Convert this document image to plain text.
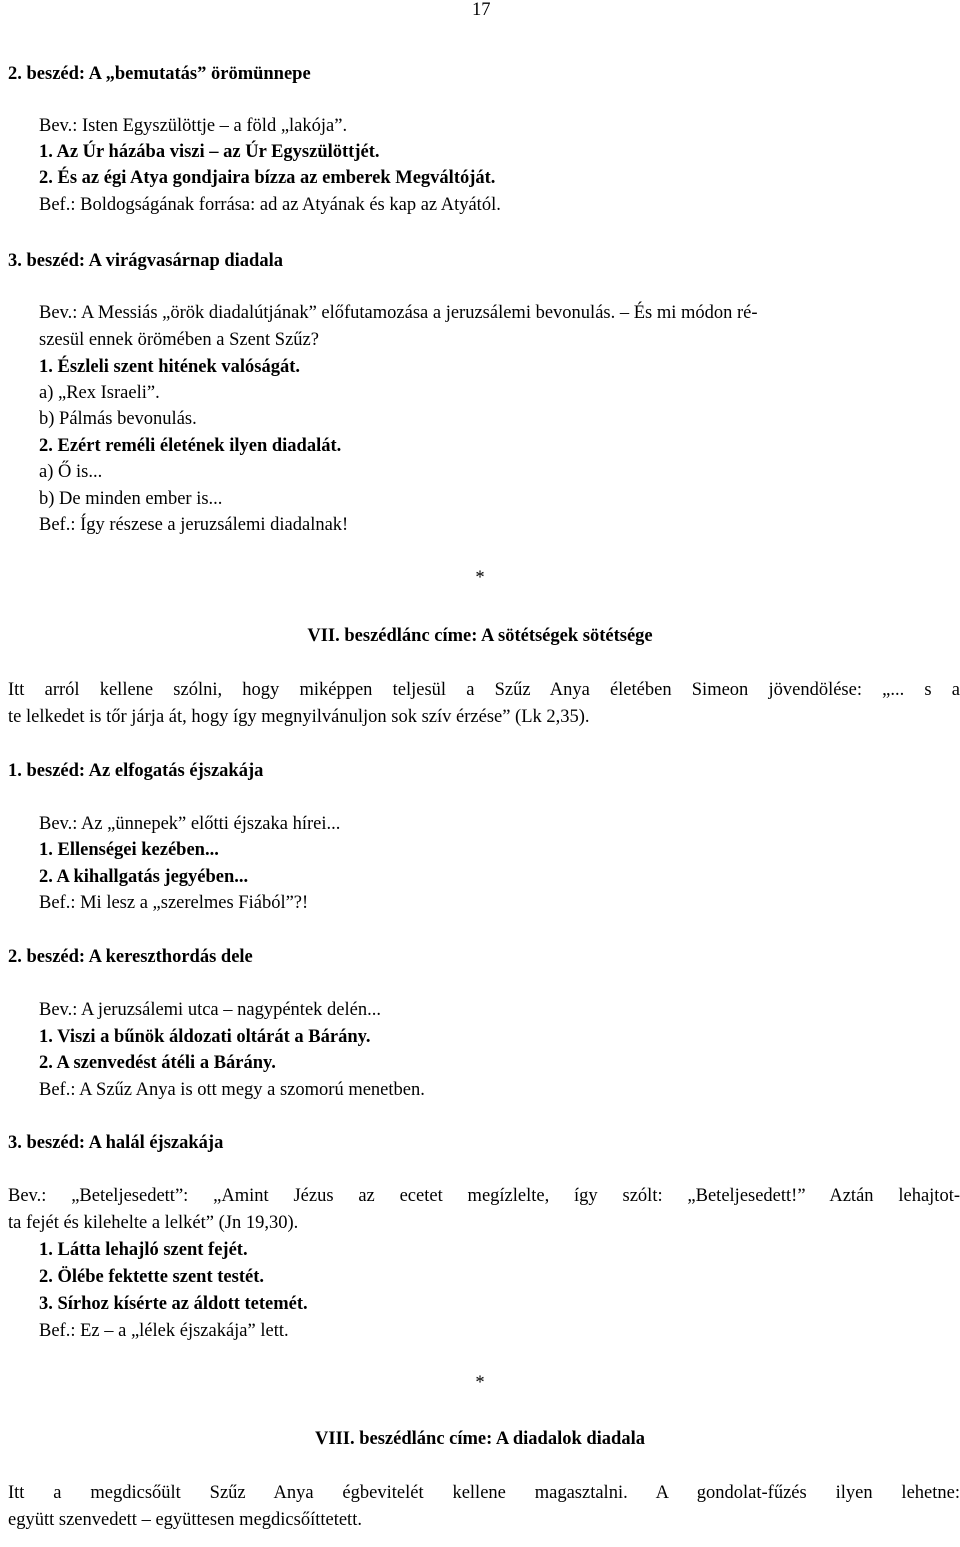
17
2. beszéd: A „bemutatás” örömünnepe
Bev.: Isten Egyszülöttje – a föld „lakója”.
1. Az Úr házába viszi – az Úr Egyszülöttjét.
2. És az égi Atya gondjaira bízza az emberek Megváltóját.
Bef.: Boldogságának forrása: ad az Atyának és kap az Atyától.
3. beszéd: A virágvasárnap diadala
Bev.: A Messiás „örök diadalútjának” előfutamozása a jeruzsálemi bevonulás. – És mi módon ré-
szesül ennek örömében a Szent Szűz?
1. Észleli szent hitének valóságát.
a) „Rex Israeli”.
b) Pálmás bevonulás.
2. Ezért reméli életének ilyen diadalát.
a) Ő is...
b) De minden ember is...
Bef.: Így részese a jeruzsálemi diadalnak!
*
VII. beszédlánc címe: A sötétségek sötétsége
Itt arról kellene szólni, hogy miképpen teljesül a Szűz Anya életében Simeon jövendölése: „... s a
te lelkedet is tőr járja át, hogy így megnyilvánuljon sok szív érzése” (Lk 2,35).
1. beszéd: Az elfogatás éjszakája
Bev.: Az „ünnepek” előtti éjszaka hírei...
1. Ellenségei kezében...
2. A kihallgatás jegyében...
Bef.: Mi lesz a „szerelmes Fiából”?!
2. beszéd: A kereszthordás dele
Bev.: A jeruzsálemi utca – nagypéntek delén...
1. Viszi a bűnök áldozati oltárát a Bárány.
2. A szenvedést átéli a Bárány.
Bef.: A Szűz Anya is ott megy a szomorú menetben.
3. beszéd: A halál éjszakája
Bev.: „Beteljesedett”: „Amint Jézus az ecetet megízlelte, így szólt: „Beteljesedett!” Aztán lehajtot-
ta fejét és kilehelte a lelkét” (Jn 19,30).
1. Látta lehajló szent fejét.
2. Ölébe fektette szent testét.
3. Sírhoz kísérte az áldott tetemét.
Bef.: Ez – a „lélek éjszakája” lett.
*
VIII. beszédlánc címe: A diadalok diadala
Itt a megdicsőült Szűz Anya égbevitelét kellene magasztalni. A gondolat-fűzés ilyen lehetne:
együtt szenvedett – együttesen megdicsőíttetett.
